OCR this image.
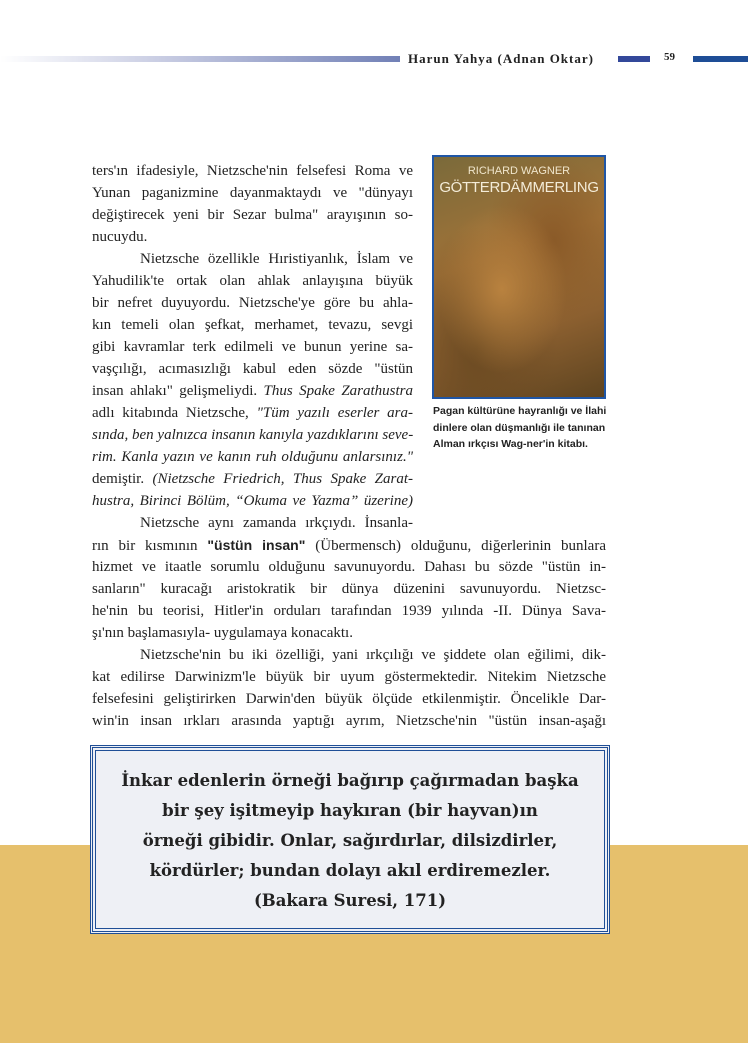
Harun Yahya (Adnan Oktar)	59
ters'ın ifadesiyle, Nietzsche'nin felsefesi Roma ve
Yunan paganizmine dayanmaktaydı ve "dünyayı
değiştirecek yeni bir Sezar bulma" arayışının so-
nucuydu.
Nietzsche özellikle Hıristiyanlık, İslam ve
Yahudilik'te ortak olan ahlak anlayışına büyük
bir nefret duyuyordu. Nietzsche'ye göre bu ahla-
kın temeli olan şefkat, merhamet, tevazu, sevgi
gibi kavramlar terk edilmeli ve bunun yerine sa-
vaşçılığı, acımasızlığı kabul eden sözde "üstün
insan ahlakı" gelişmeliydi. Thus Spake Zarathustra
adlı kitabında Nietzsche, "Tüm yazılı eserler ara-
sında, ben yalnızca insanın kanıyla yazdıklarını seve-
rim. Kanla yazın ve kanın ruh olduğunu anlarsınız."
demiştir. (Nietzsche Friedrich, Thus Spake Zarat-
hustra, Birinci Bölüm, “Okuma ve Yazma” üzerine)
Nietzsche aynı zamanda ırkçıydı. İnsanla-
rın bir kısmının "üstün insan" (Übermensch) olduğunu, diğerlerinin bunlara
hizmet ve itaatle sorumlu olduğunu savunuyordu. Dahası bu sözde "üstün in-
sanların" kuracağı aristokratik bir dünya düzenini savunuyordu. Nietzsc-
he'nin bu teorisi, Hitler'in orduları tarafından 1939 yılında -II. Dünya Sava-
şı'nın başlamasıyla- uygulamaya konacaktı.
Nietzsche'nin bu iki özelliği, yani ırkçılığı ve şiddete olan eğilimi, dik-
kat edilirse Darwinizm'le büyük bir uyum göstermektedir. Nitekim Nietzsche
felsefesini geliştirirken Darwin'den büyük ölçüde etkilenmiştir. Öncelikle Dar-
win'in insan ırkları arasında yaptığı ayrım, Nietzsche'nin "üstün insan-aşağı
RICHARD WAGNER
GÖTTERDÄMMERLING
Pagan kültürüne hayranlığı ve İlahi dinlere olan düşmanlığı ile tanınan Alman ırkçısı Wag-ner'in kitabı.
İnkar edenlerin örneği bağırıp çağırmadan başka
bir şey işitmeyip haykıran (bir hayvan)ın
örneği gibidir. Onlar, sağırdırlar, dilsizdirler,
kördürler; bundan dolayı akıl erdiremezler.
(Bakara Suresi, 171)
